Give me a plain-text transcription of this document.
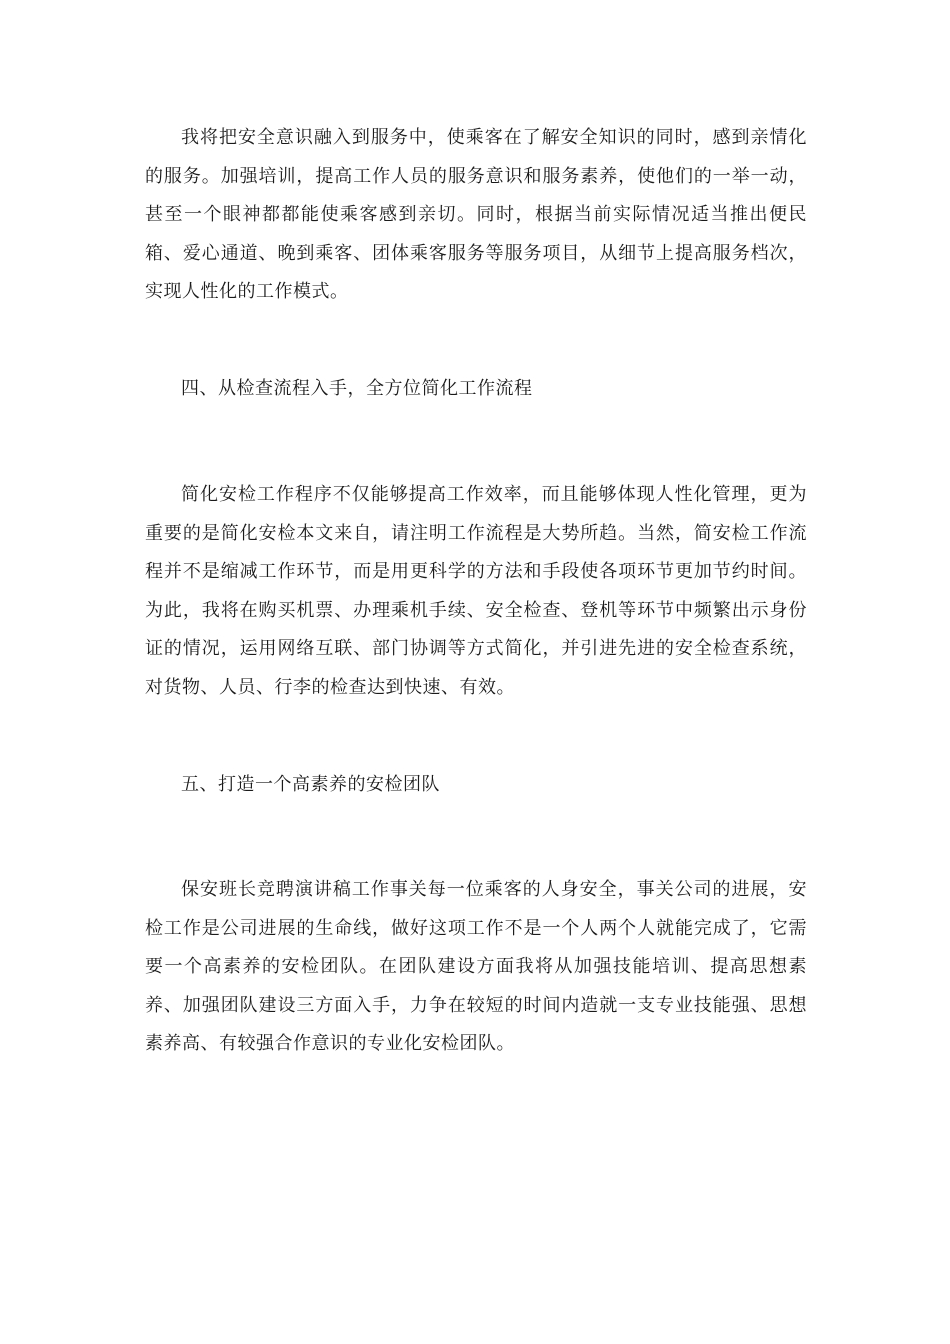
我将把安全意识融入到服务中，使乘客在了解安全知识的同时，感到亲情化的服务。加强培训，提高工作人员的服务意识和服务素养，使他们的一举一动，甚至一个眼神都都能使乘客感到亲切。同时，根据当前实际情况适当推出便民箱、爱心通道、晚到乘客、团体乘客服务等服务项目，从细节上提高服务档次，实现人性化的工作模式。

四、从检查流程入手，全方位简化工作流程

简化安检工作程序不仅能够提高工作效率，而且能够体现人性化管理，更为重要的是简化安检本文来自，请注明工作流程是大势所趋。当然，简安检工作流程并不是缩减工作环节，而是用更科学的方法和手段使各项环节更加节约时间。为此，我将在购买机票、办理乘机手续、安全检查、登机等环节中频繁出示身份证的情况，运用网络互联、部门协调等方式简化，并引进先进的安全检查系统，对货物、人员、行李的检查达到快速、有效。

五、打造一个高素养的安检团队

保安班长竞聘演讲稿工作事关每一位乘客的人身安全，事关公司的进展，安检工作是公司进展的生命线，做好这项工作不是一个人两个人就能完成了，它需要一个高素养的安检团队。在团队建设方面我将从加强技能培训、提高思想素养、加强团队建设三方面入手，力争在较短的时间内造就一支专业技能强、思想素养高、有较强合作意识的专业化安检团队。
